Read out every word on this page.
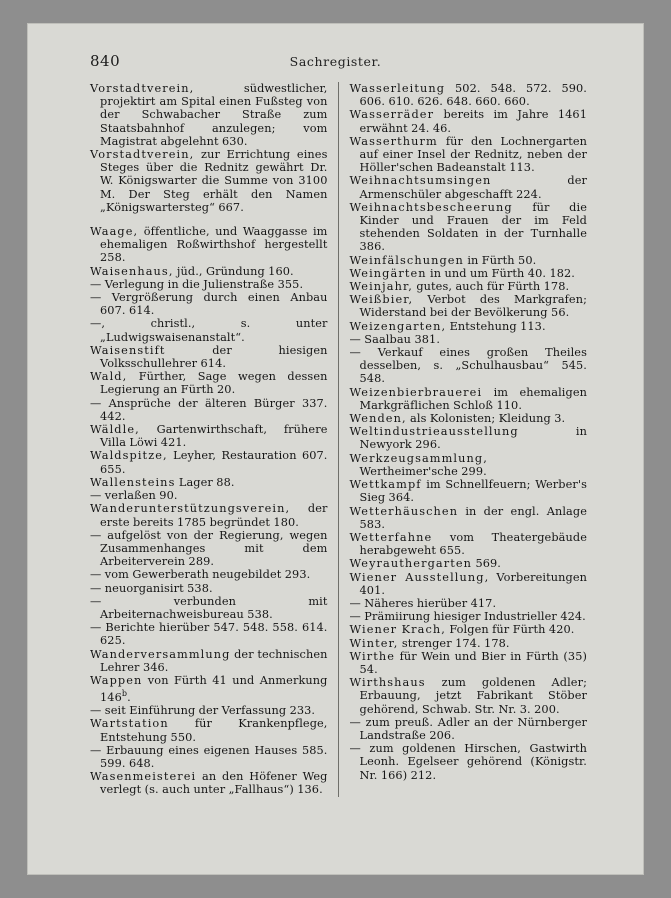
840	Sachregister.
Vorstadtverein, südwestlicher, projektirt am Spital einen Fußsteg von der Schwabacher Straße zum Staatsbahnhof anzulegen; vom Magistrat abgelehnt 630.
Vorstadtverein, zur Errichtung eines Steges über die Rednitz gewährt Dr. W. Königswarter die Summe von 3100 M. Der Steg erhält den Namen „Königswartersteg“ 667.
Waage, öffentliche, und Waaggasse im ehemaligen Roßwirthshof hergestellt 258.
Waisenhaus, jüd., Gründung 160.
— Verlegung in die Julienstraße 355.
— Vergrößerung durch einen Anbau 607. 614.
—, christl., s. unter „Ludwigswaisenanstalt“.
Waisenstift der hiesigen Volksschullehrer 614.
Wald, Fürther, Sage wegen dessen Legierung an Fürth 20.
— Ansprüche der älteren Bürger 337. 442.
Wäldle, Gartenwirthschaft, frühere Villa Löwi 421.
Waldspitze, Leyher, Restauration 607. 655.
Wallensteins Lager 88.
— verlaßen 90.
Wanderunterstützungsverein, der erste bereits 1785 begründet 180.
— aufgelöst von der Regierung, wegen Zusammenhanges mit dem Arbeiterverein 289.
— vom Gewerberath neugebildet 293.
— neuorganisirt 538.
— verbunden mit Arbeiternachweisbureau 538.
— Berichte hierüber 547. 548. 558. 614. 625.
Wanderversammlung der technischen Lehrer 346.
Wappen von Fürth 41 und Anmerkung 146$^b$.
— seit Einführung der Verfassung 233.
Wartstation für Krankenpflege, Entstehung 550.
— Erbauung eines eigenen Hauses 585. 599. 648.
Wasenmeisterei an den Höfener Weg verlegt (s. auch unter „Fallhaus“) 136.
Wasserleitung 502. 548. 572. 590. 606. 610. 626. 648. 660. 660.
Wasserräder bereits im Jahre 1461 erwähnt 24. 46.
Wasserthurm für den Lochnergarten auf einer Insel der Rednitz, neben der Höller'schen Badeanstalt 113.
Weihnachtsumsingen der Armenschüler abgeschafft 224.
Weihnachtsbescheerung für die Kinder und Frauen der im Feld stehenden Soldaten in der Turnhalle 386.
Weinfälschungen in Fürth 50.
Weingärten in und um Fürth 40. 182.
Weinjahr, gutes, auch für Fürth 178.
Weißbier, Verbot des Markgrafen; Widerstand bei der Bevölkerung 56.
Weizengarten, Entstehung 113.
— Saalbau 381.
— Verkauf eines großen Theiles desselben, s. „Schulhausbau“ 545. 548.
Weizenbierbrauerei im ehemaligen Markgräflichen Schloß 110.
Wenden, als Kolonisten; Kleidung 3.
Weltindustrieausstellung in Newyork 296.
Werkzeugsammlung, Wertheimer'sche 299.
Wettkampf im Schnellfeuern; Werber's Sieg 364.
Wetterhäuschen in der engl. Anlage 583.
Wetterfahne vom Theatergebäude herabgeweht 655.
Weyrauthergarten 569.
Wiener Ausstellung, Vorbereitungen 401.
— Näheres hierüber 417.
— Prämiirung hiesiger Industrieller 424.
Wiener Krach, Folgen für Fürth 420.
Winter, strenger 174. 178.
Wirthe für Wein und Bier in Fürth (35) 54.
Wirthshaus zum goldenen Adler; Erbauung, jetzt Fabrikant Stöber gehörend, Schwab. Str. Nr. 3. 200.
— zum preuß. Adler an der Nürnberger Landstraße 206.
— zum goldenen Hirschen, Gastwirth Leonh. Egelseer gehörend (Königstr. Nr. 166) 212.
